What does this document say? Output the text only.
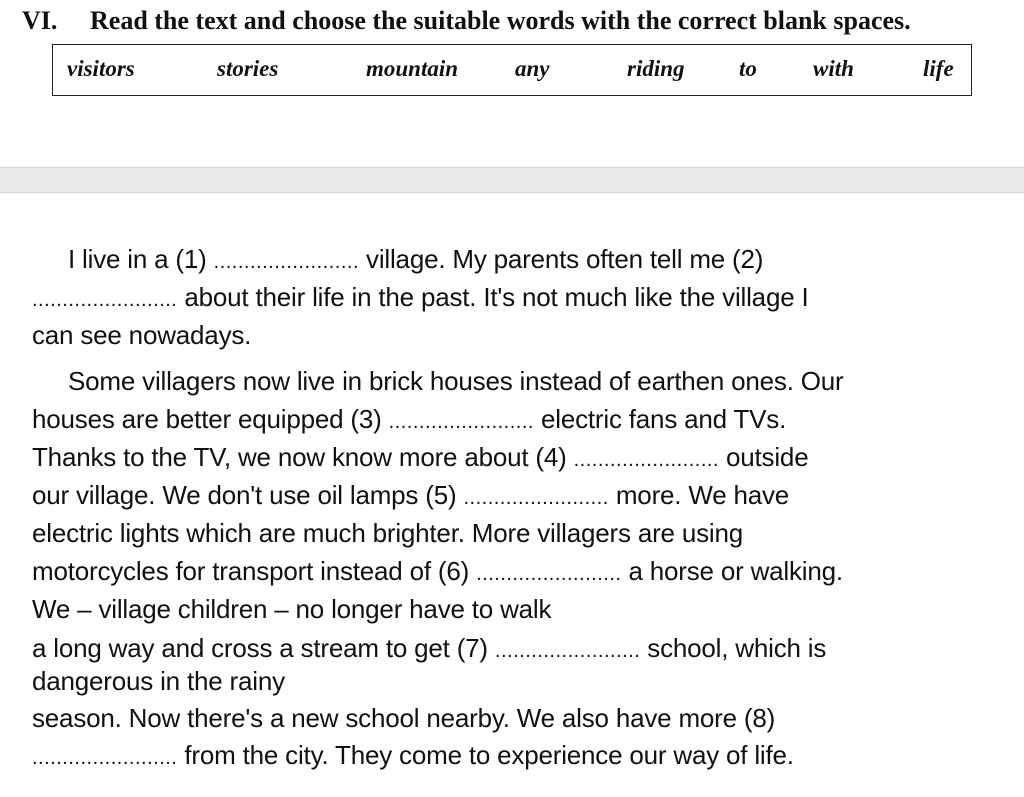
VI. Read the text and choose the suitable words with the correct blank spaces.
visitors	stories	mountain any	riding to with	life
I live in a (1) ........................ village. My parents often tell me (2)
........................ about their life in the past. It's not much like the village I
can see nowadays.
Some villagers now live in brick houses instead of earthen ones. Our
houses are better equipped (3) ........................ electric fans and TVs.
Thanks to the TV, we now know more about (4) ........................ outside
our village. We don't use oil lamps (5) ........................ more. We have
electric lights which are much brighter. More villagers are using
motorcycles for transport instead of (6) ........................ a horse or walking.
We – village children – no longer have to walk
a long way and cross a stream to get (7) ........................ school, which is
dangerous in the rainy
season. Now there's a new school nearby. We also have more (8)
........................ from the city. They come to experience our way of life.
